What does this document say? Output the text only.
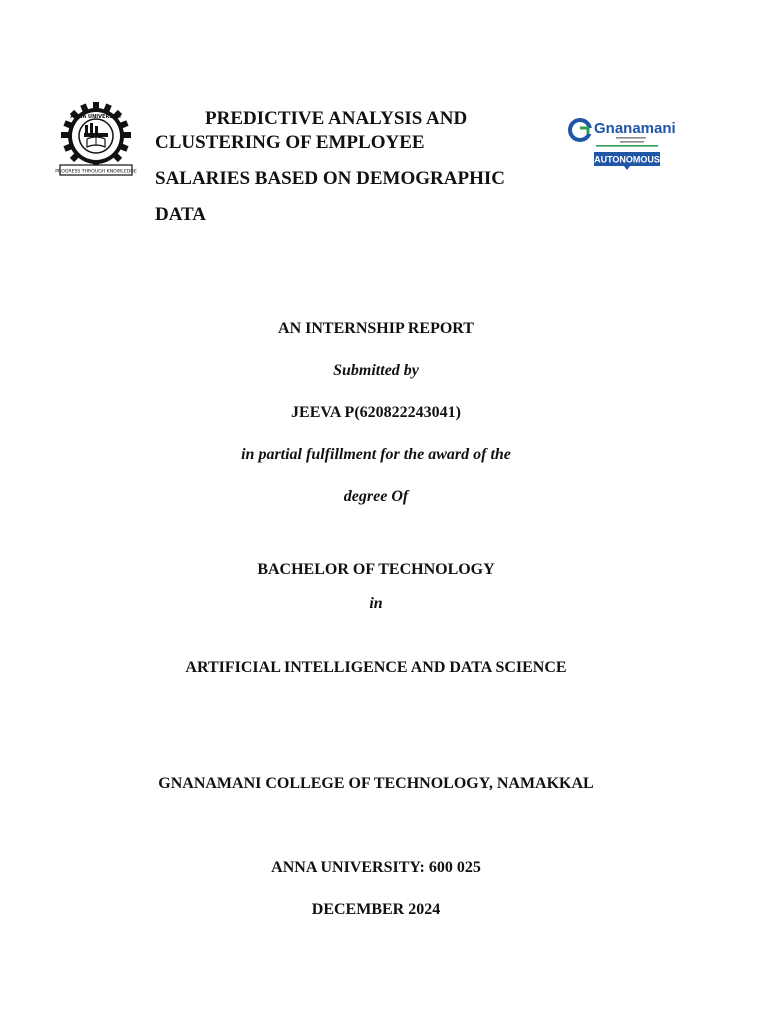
ANNA UNIVERSITY
PROGRESS THROUGH KNOWLEDGE
Gnanamani
AUTONOMOUS
PREDICTIVE ANALYSIS AND
CLUSTERING OF EMPLOYEE
SALARIES BASED ON DEMOGRAPHIC
DATA
AN INTERNSHIP REPORT
Submitted by
JEEVA P(620822243041)
in partial fulfillment for the award of the
degree Of
BACHELOR OF TECHNOLOGY
in
ARTIFICIAL INTELLIGENCE AND DATA SCIENCE
GNANAMANI COLLEGE OF TECHNOLOGY, NAMAKKAL
ANNA UNIVERSITY: 600 025
DECEMBER 2024
